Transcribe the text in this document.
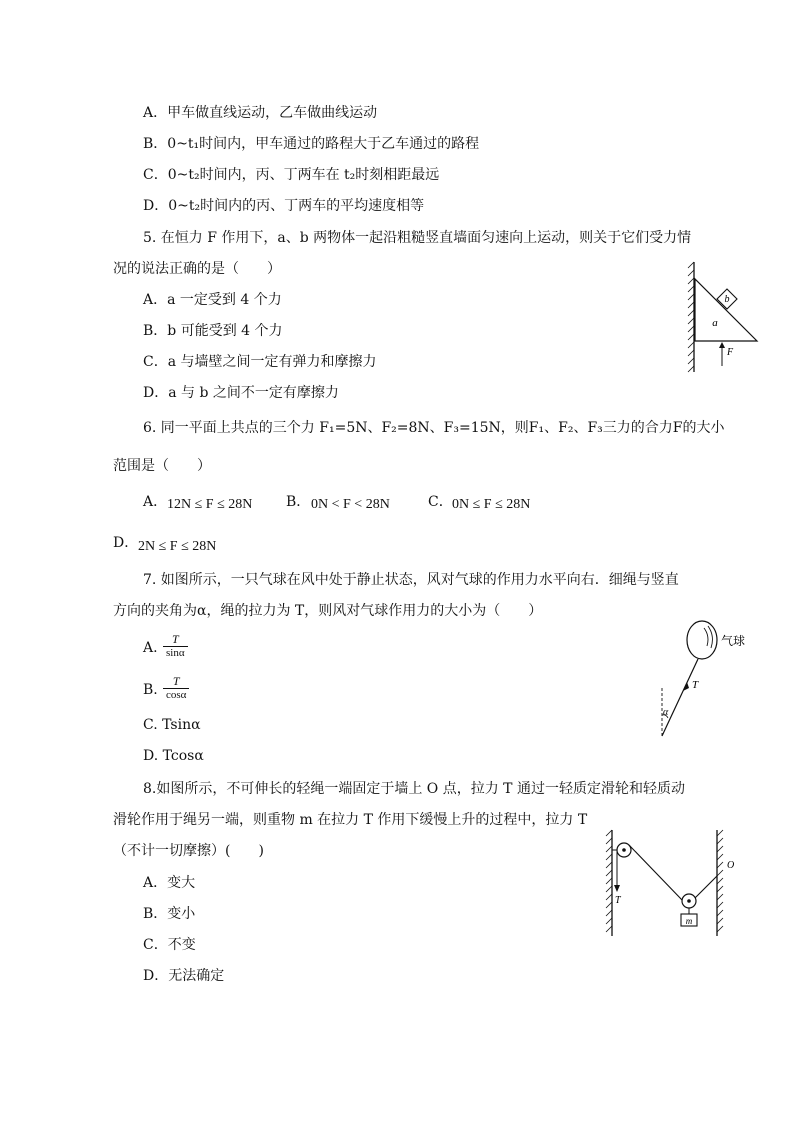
A．甲车做直线运动，乙车做曲线运动
B．0~t₁时间内，甲车通过的路程大于乙车通过的路程
C．0~t₂时间内，丙、丁两车在 t₂时刻相距最远
D．0~t₂时间内的丙、丁两车的平均速度相等
5. 在恒力 F 作用下，a、b 两物体一起沿粗糙竖直墙面匀速向上运动，则关于它们受力情
况的说法正确的是（　　）
A．a 一定受到 4 个力
B．b 可能受到 4 个力
C．a 与墙壁之间一定有弹力和摩擦力
D．a 与 b 之间不一定有摩擦力
b
a
F
6. 同一平面上共点的三个力 F₁=5N、F₂=8N、F₃=15N，则F₁、F₂、F₃三力的合力F的大小
范围是（　　）
A． 12N ≤ F ≤ 28N B． 0N < F < 28N	C． 0N ≤ F ≤ 28N
D． 2N ≤ F ≤ 28N
7. 如图所示，一只气球在风中处于静止状态，风对气球的作用力水平向右．细绳与竖直
方向的夹角为α，绳的拉力为 T，则风对气球作用力的大小为（　　）
A. $\frac{T}{\sin\alpha}$
B. $\frac{T}{\cos\alpha}$
C. Tsinα
D. Tcosα
α
T
气球
8.如图所示，不可伸长的轻绳一端固定于墙上 O 点，拉力 T 通过一轻质定滑轮和轻质动
滑轮作用于绳另一端，则重物 m 在拉力 T 作用下缓慢上升的过程中，拉力 T
（不计一切摩擦）(　　)
A．变大
B．变小
C．不变
D．无法确定
T
m
O
